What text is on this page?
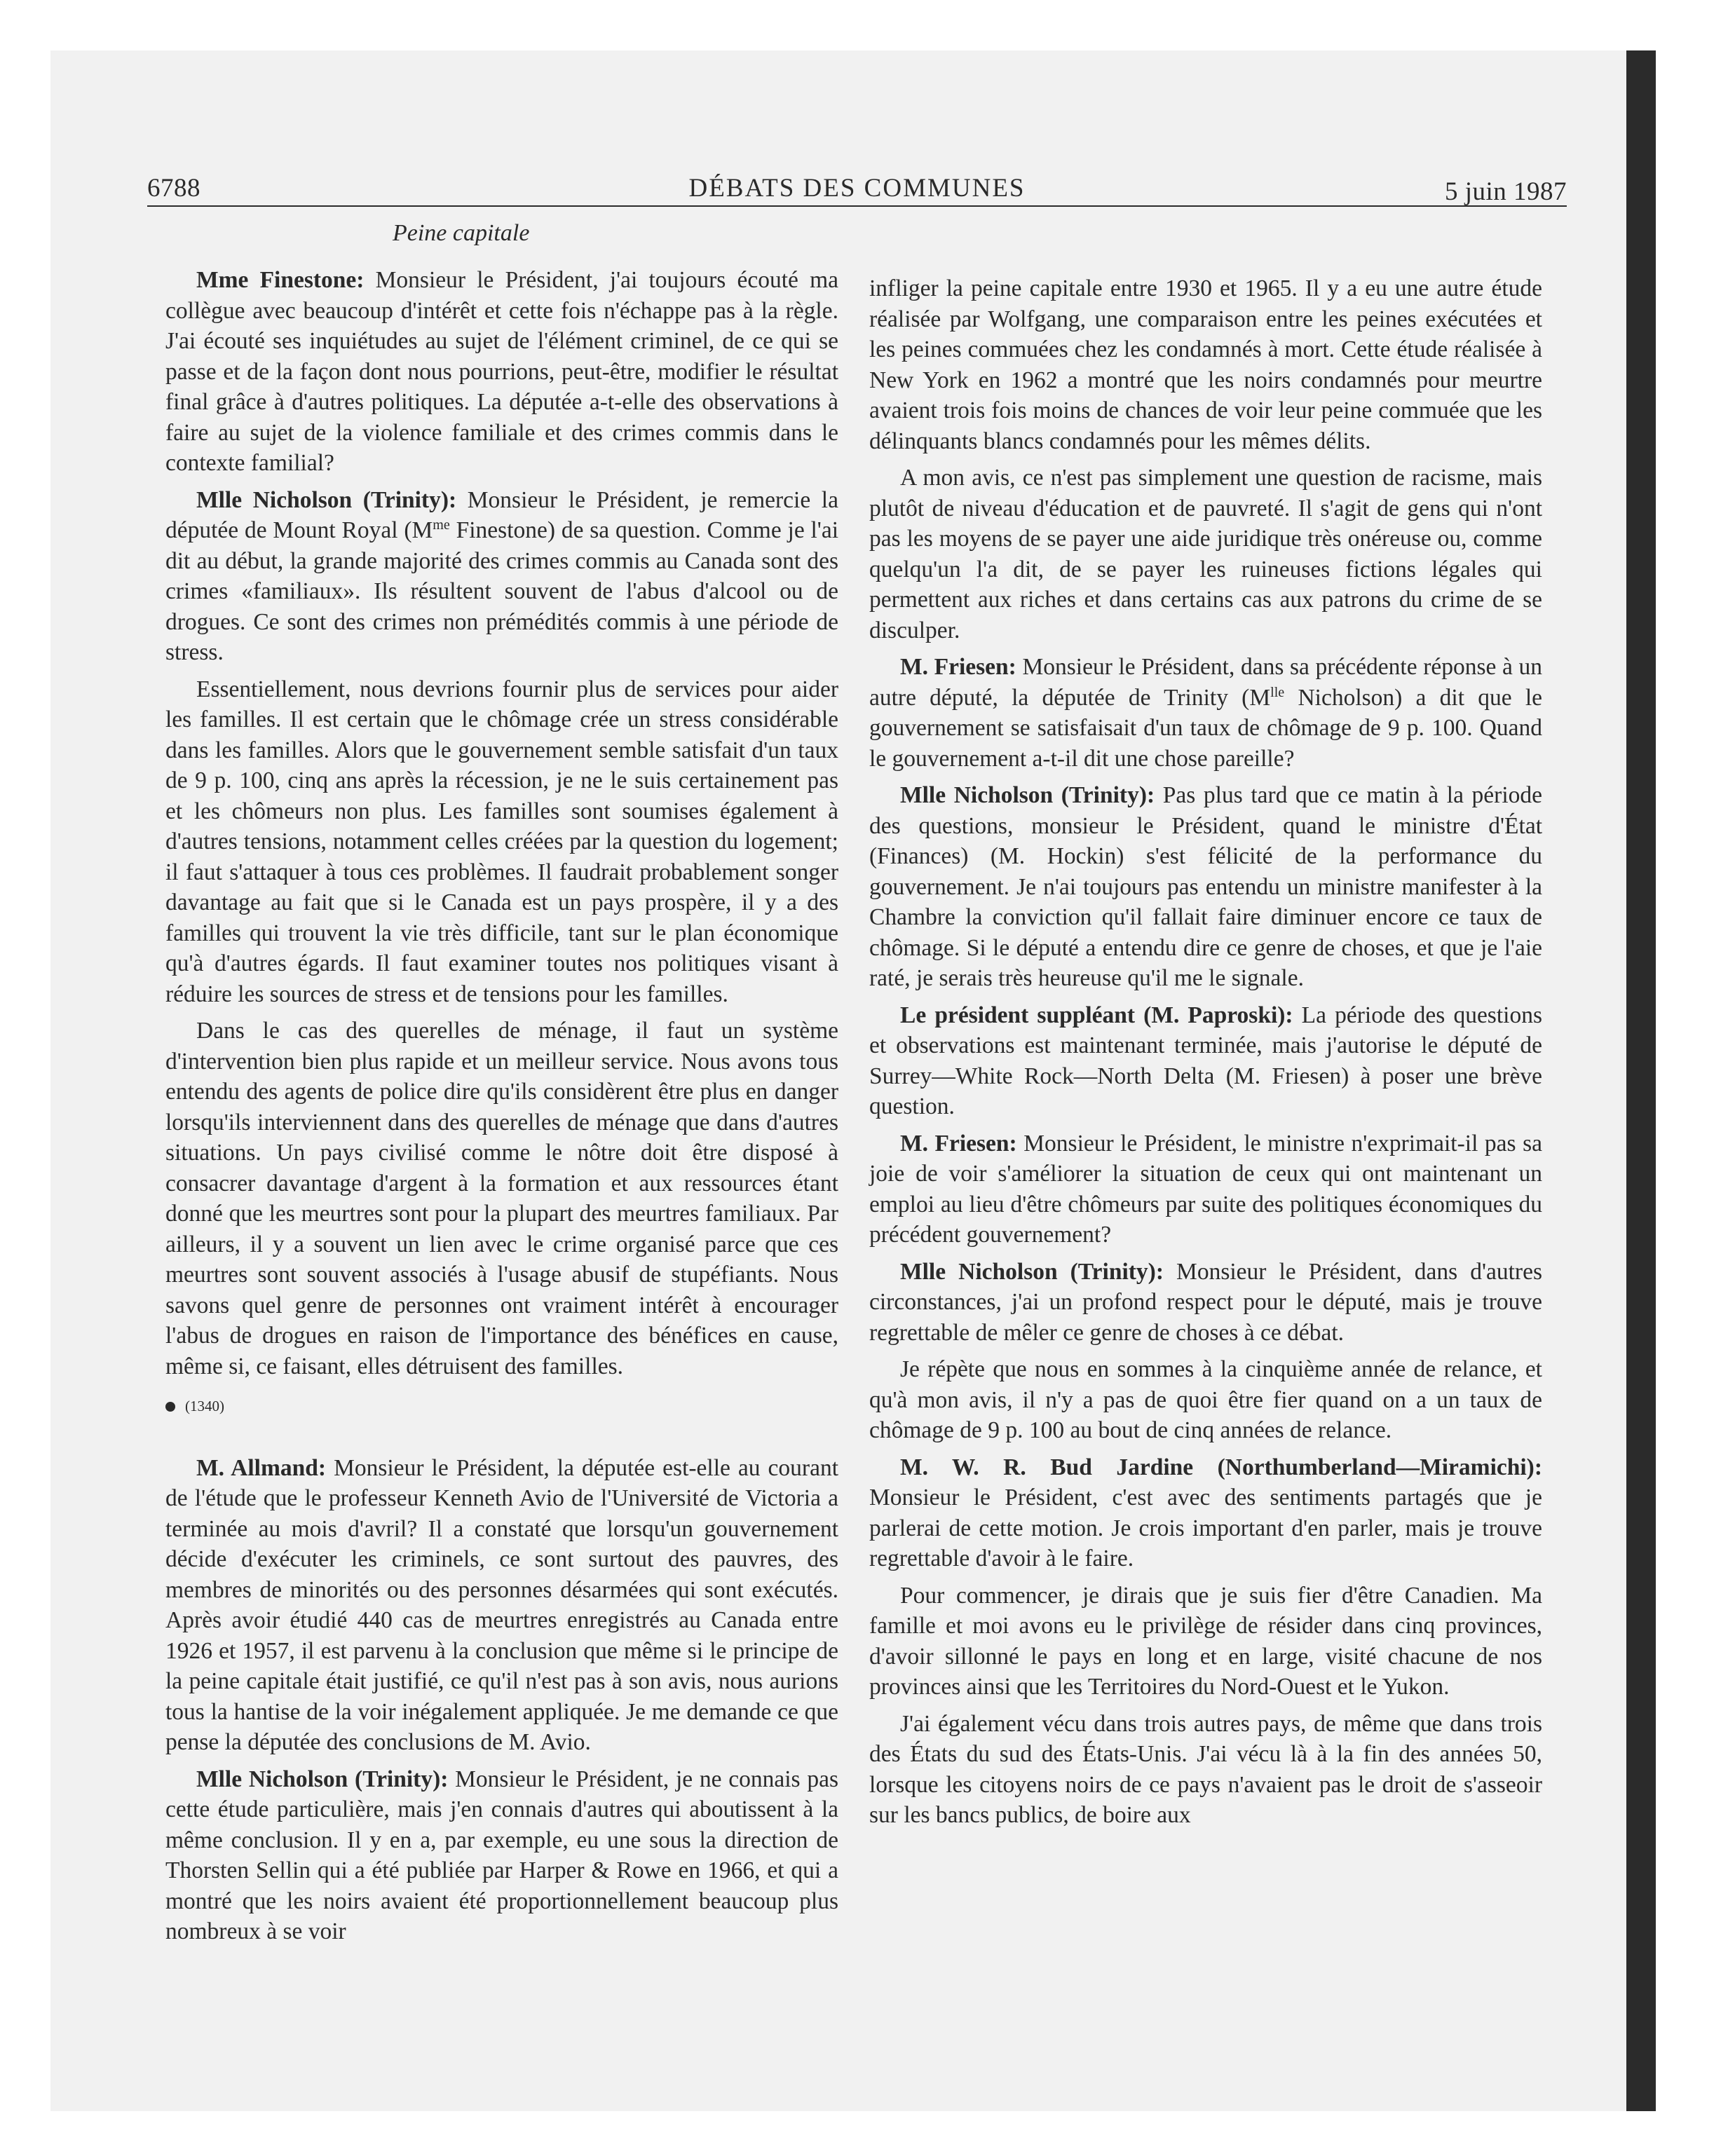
6788	DÉBATS DES COMMUNES	5 juin 1987
Peine capitale

Mme Finestone: Monsieur le Président, j'ai toujours écouté ma collègue avec beaucoup d'intérêt et cette fois n'échappe pas à la règle. J'ai écouté ses inquiétudes au sujet de l'élément criminel, de ce qui se passe et de la façon dont nous pourrions, peut-être, modifier le résultat final grâce à d'autres politiques. La députée a-t-elle des observations à faire au sujet de la violence familiale et des crimes commis dans le contexte familial?

Mlle Nicholson (Trinity): Monsieur le Président, je remercie la députée de Mount Royal ($M^{me}$ Finestone) de sa question. Comme je l'ai dit au début, la grande majorité des crimes commis au Canada sont des crimes «familiaux». Ils résultent souvent de l'abus d'alcool ou de drogues. Ce sont des crimes non prémédités commis à une période de stress.

Essentiellement, nous devrions fournir plus de services pour aider les familles. Il est certain que le chômage crée un stress considérable dans les familles. Alors que le gouvernement semble satisfait d'un taux de 9 p. 100, cinq ans après la récession, je ne le suis certainement pas et les chômeurs non plus. Les familles sont soumises également à d'autres tensions, notamment celles créées par la question du logement; il faut s'attaquer à tous ces problèmes. Il faudrait probablement songer davantage au fait que si le Canada est un pays prospère, il y a des familles qui trouvent la vie très difficile, tant sur le plan économique qu'à d'autres égards. Il faut examiner toutes nos politiques visant à réduire les sources de stress et de tensions pour les familles.

Dans le cas des querelles de ménage, il faut un système d'intervention bien plus rapide et un meilleur service. Nous avons tous entendu des agents de police dire qu'ils considèrent être plus en danger lorsqu'ils interviennent dans des querelles de ménage que dans d'autres situations. Un pays civilisé comme le nôtre doit être disposé à consacrer davantage d'argent à la formation et aux ressources étant donné que les meurtres sont pour la plupart des meurtres familiaux. Par ailleurs, il y a souvent un lien avec le crime organisé parce que ces meurtres sont souvent associés à l'usage abusif de stupéfiants. Nous savons quel genre de personnes ont vraiment intérêt à encourager l'abus de drogues en raison de l'importance des bénéfices en cause, même si, ce faisant, elles détruisent des familles.

(1340)

M. Allmand: Monsieur le Président, la députée est-elle au courant de l'étude que le professeur Kenneth Avio de l'Université de Victoria a terminée au mois d'avril? Il a constaté que lorsqu'un gouvernement décide d'exécuter les criminels, ce sont surtout des pauvres, des membres de minorités ou des personnes désarmées qui sont exécutés. Après avoir étudié 440 cas de meurtres enregistrés au Canada entre 1926 et 1957, il est parvenu à la conclusion que même si le principe de la peine capitale était justifié, ce qu'il n'est pas à son avis, nous aurions tous la hantise de la voir inégalement appliquée. Je me demande ce que pense la députée des conclusions de M. Avio.

Mlle Nicholson (Trinity): Monsieur le Président, je ne connais pas cette étude particulière, mais j'en connais d'autres qui aboutissent à la même conclusion. Il y en a, par exemple, eu une sous la direction de Thorsten Sellin qui a été publiée par Harper & Rowe en 1966, et qui a montré que les noirs avaient été proportionnellement beaucoup plus nombreux à se voir

infliger la peine capitale entre 1930 et 1965. Il y a eu une autre étude réalisée par Wolfgang, une comparaison entre les peines exécutées et les peines commuées chez les condamnés à mort. Cette étude réalisée à New York en 1962 a montré que les noirs condamnés pour meurtre avaient trois fois moins de chances de voir leur peine commuée que les délinquants blancs condamnés pour les mêmes délits.

A mon avis, ce n'est pas simplement une question de racisme, mais plutôt de niveau d'éducation et de pauvreté. Il s'agit de gens qui n'ont pas les moyens de se payer une aide juridique très onéreuse ou, comme quelqu'un l'a dit, de se payer les ruineuses fictions légales qui permettent aux riches et dans certains cas aux patrons du crime de se disculper.

M. Friesen: Monsieur le Président, dans sa précédente réponse à un autre député, la députée de Trinity ($M^{lle}$ Nicholson) a dit que le gouvernement se satisfaisait d'un taux de chômage de 9 p. 100. Quand le gouvernement a-t-il dit une chose pareille?

Mlle Nicholson (Trinity): Pas plus tard que ce matin à la période des questions, monsieur le Président, quand le ministre d'État (Finances) (M. Hockin) s'est félicité de la performance du gouvernement. Je n'ai toujours pas entendu un ministre manifester à la Chambre la conviction qu'il fallait faire diminuer encore ce taux de chômage. Si le député a entendu dire ce genre de choses, et que je l'aie raté, je serais très heureuse qu'il me le signale.

Le président suppléant (M. Paproski): La période des questions et observations est maintenant terminée, mais j'autorise le député de Surrey—White Rock—North Delta (M. Friesen) à poser une brève question.

M. Friesen: Monsieur le Président, le ministre n'exprimait-il pas sa joie de voir s'améliorer la situation de ceux qui ont maintenant un emploi au lieu d'être chômeurs par suite des politiques économiques du précédent gouvernement?

Mlle Nicholson (Trinity): Monsieur le Président, dans d'autres circonstances, j'ai un profond respect pour le député, mais je trouve regrettable de mêler ce genre de choses à ce débat.

Je répète que nous en sommes à la cinquième année de relance, et qu'à mon avis, il n'y a pas de quoi être fier quand on a un taux de chômage de 9 p. 100 au bout de cinq années de relance.

M. W. R. Bud Jardine (Northumberland—Miramichi): Monsieur le Président, c'est avec des sentiments partagés que je parlerai de cette motion. Je crois important d'en parler, mais je trouve regrettable d'avoir à le faire.

Pour commencer, je dirais que je suis fier d'être Canadien. Ma famille et moi avons eu le privilège de résider dans cinq provinces, d'avoir sillonné le pays en long et en large, visité chacune de nos provinces ainsi que les Territoires du Nord-Ouest et le Yukon.

J'ai également vécu dans trois autres pays, de même que dans trois des États du sud des États-Unis. J'ai vécu là à la fin des années 50, lorsque les citoyens noirs de ce pays n'avaient pas le droit de s'asseoir sur les bancs publics, de boire aux
